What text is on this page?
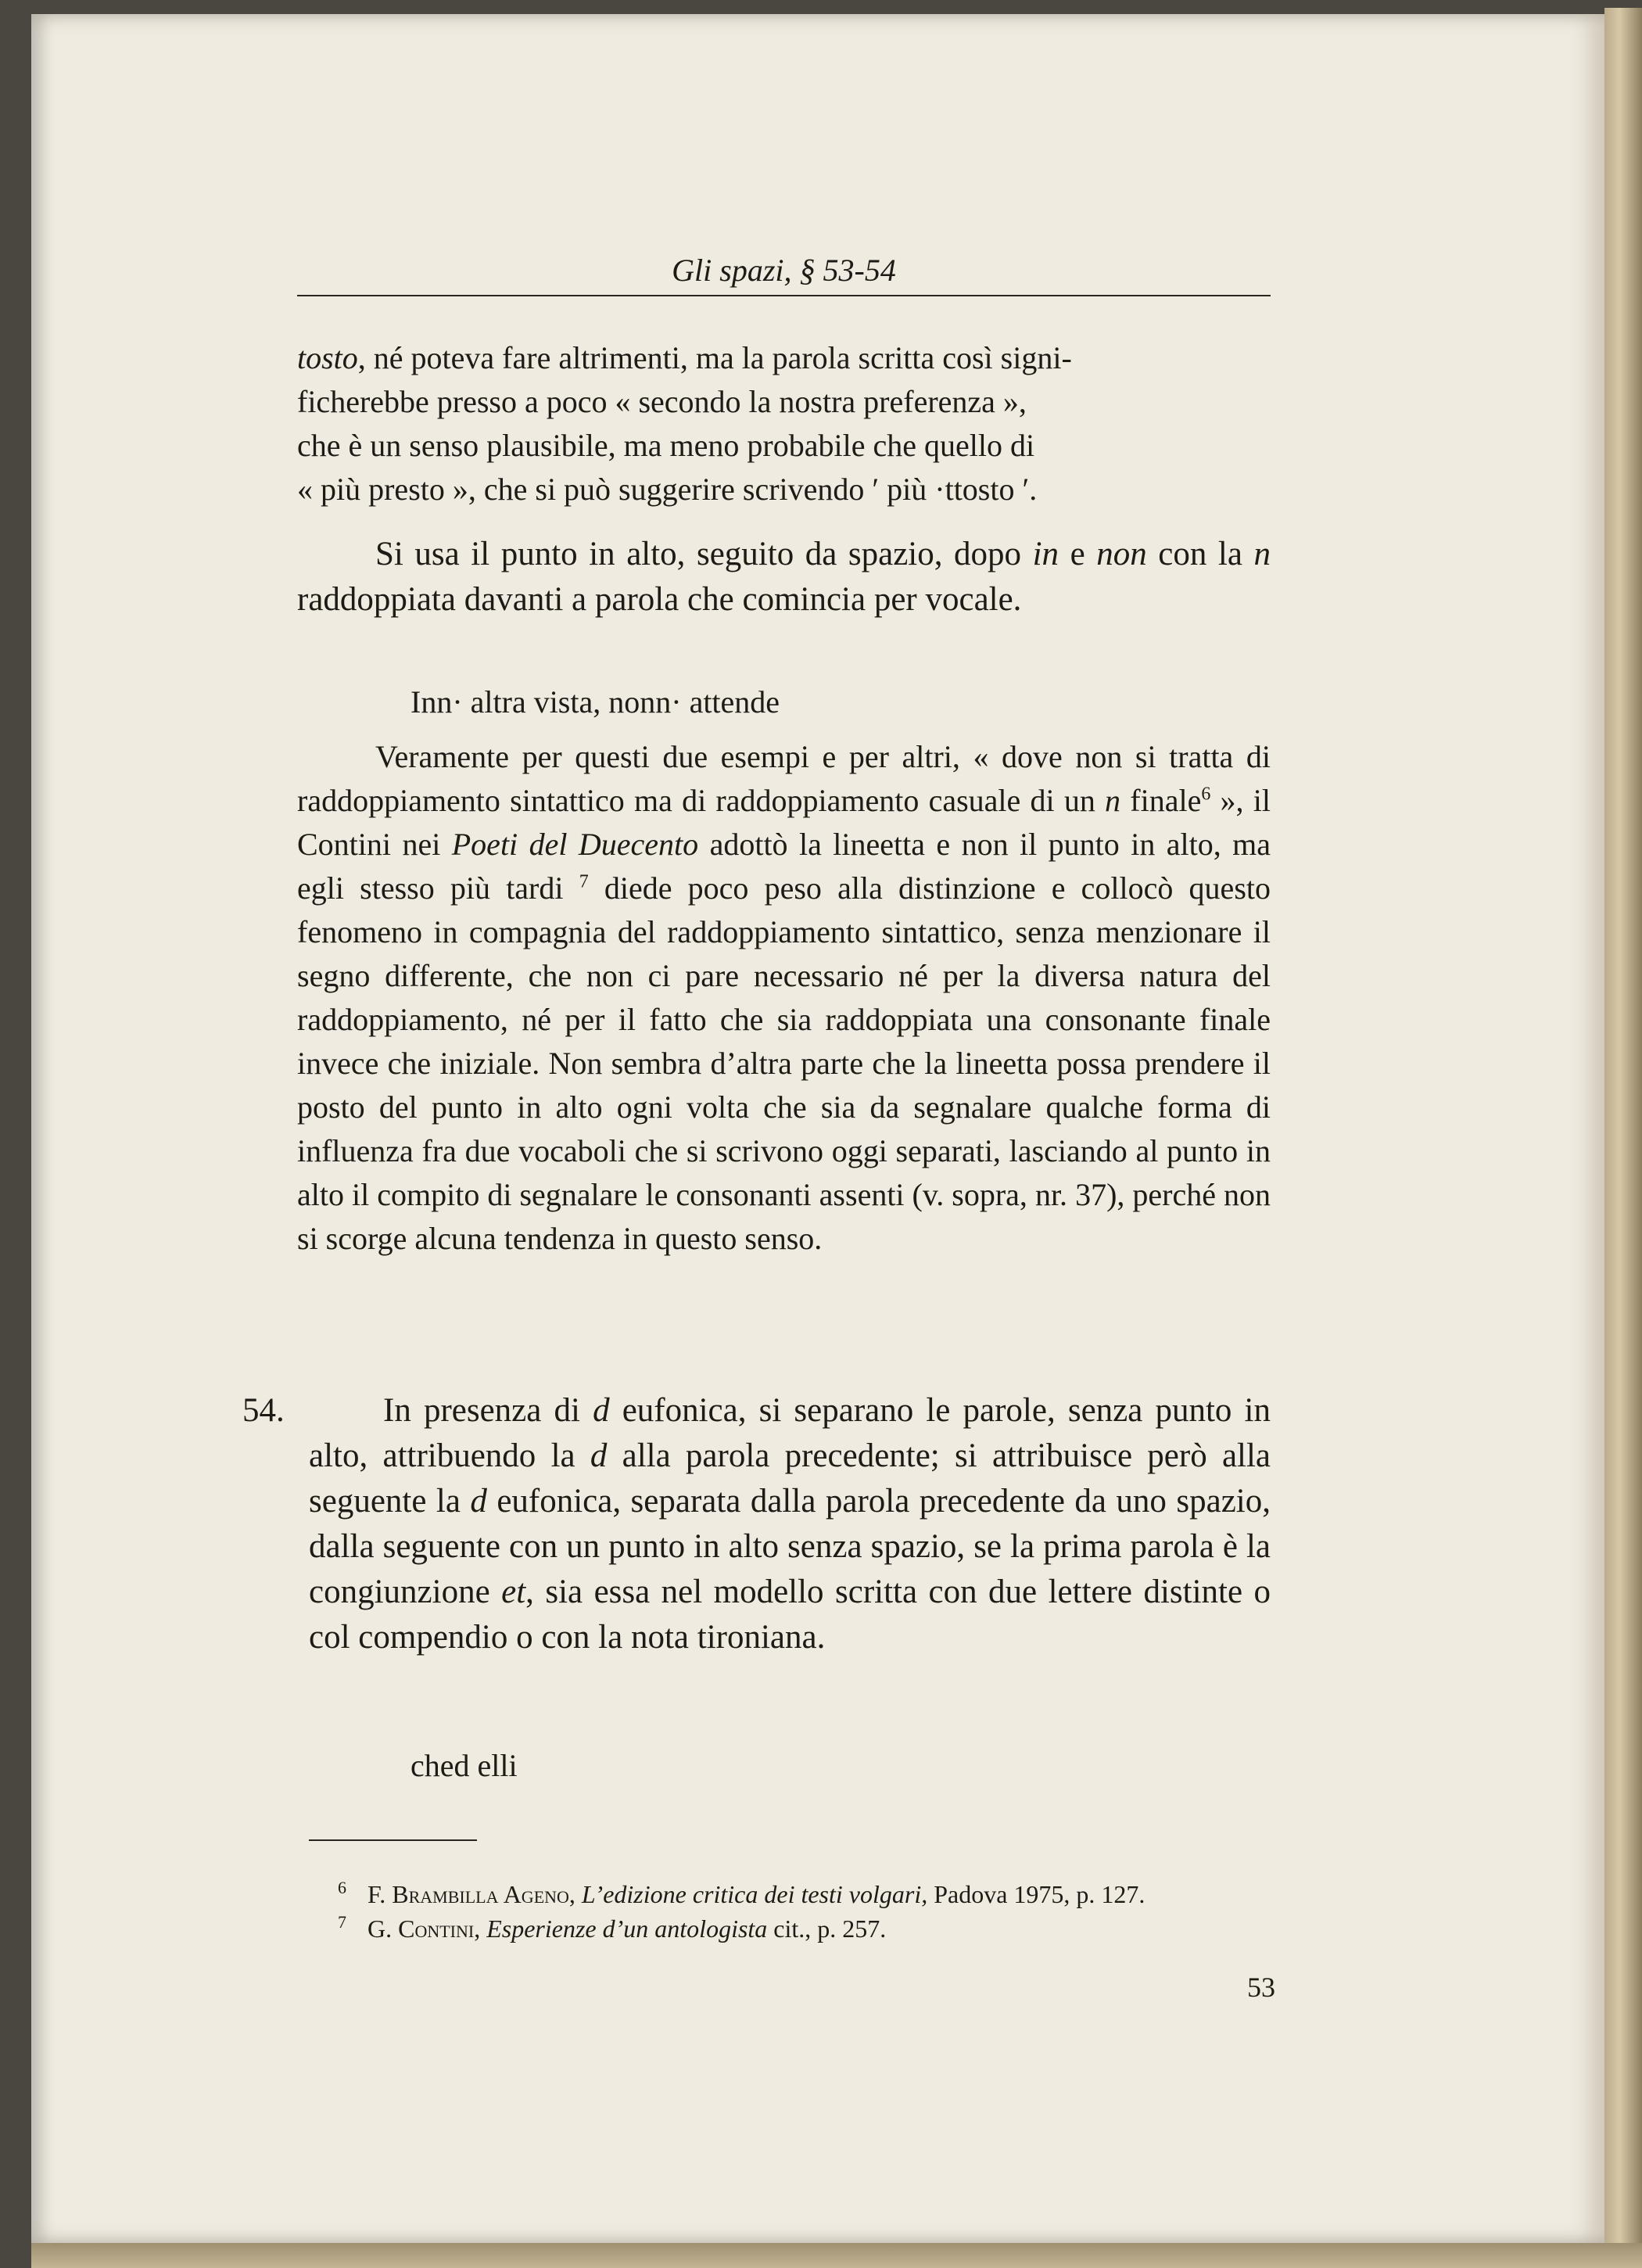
Gli spazi, § 53-54

tosto, né poteva fare altrimenti, ma la parola scritta così signi-

ficherebbe presso a poco « secondo la nostra preferenza »,

che è un senso plausibile, ma meno probabile che quello di

« più presto », che si può suggerire scrivendo ′ più ·ttosto ′.

Si usa il punto in alto, seguito da spazio, dopo in e non con la n raddoppiata davanti a parola che comincia per vocale.

Inn· altra vista, nonn· attende

Veramente per questi due esempi e per altri, « dove non si tratta di raddoppiamento sintattico ma di raddoppiamento casuale di un n finale$^6$ », il Contini nei Poeti del Duecento adottò la lineetta e non il punto in alto, ma egli stesso più tardi $^7$ diede poco peso alla distinzione e collocò questo fenomeno in compagnia del raddoppiamento sintattico, senza menzionare il segno differente, che non ci pare necessario né per la diversa natura del raddoppiamento, né per il fatto che sia raddoppiata una consonante finale invece che iniziale. Non sembra d’altra parte che la lineetta possa prendere il posto del punto in alto ogni volta che sia da segnalare qualche forma di influenza fra due vocaboli che si scrivono oggi separati, lasciando al punto in alto il compito di segnalare le consonanti assenti (v. sopra, nr. 37), perché non si scorge alcuna tendenza in questo senso.

54.	In presenza di d eufonica, si separano le parole, senza punto in alto, attribuendo la d alla parola precedente; si attribuisce però alla seguente la d eufonica, separata dalla parola precedente da uno spazio, dalla seguente con un punto in alto senza spazio, se la prima parola è la congiunzione et, sia essa nel modello scritta con due lettere distinte o col compendio o con la nota tironiana.

ched elli

6 F. Brambilla Ageno, L’edizione critica dei testi volgari, Padova 1975, p. 127.
7 G. Contini, Esperienze d’un antologista cit., p. 257.
53
